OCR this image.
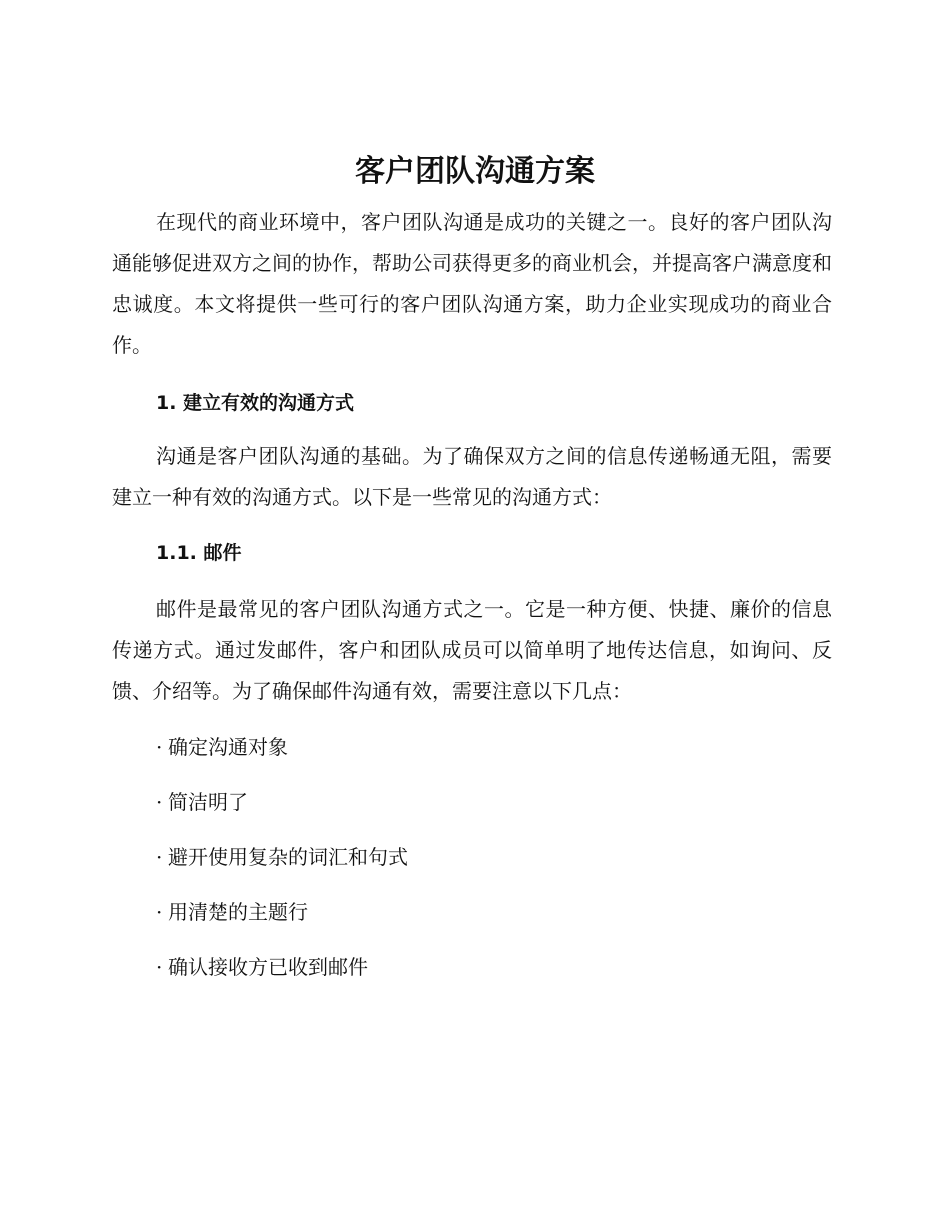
客户团队沟通方案

在现代的商业环境中，客户团队沟通是成功的关键之一。良好的客户团队沟通能够促进双方之间的协作，帮助公司获得更多的商业机会，并提高客户满意度和忠诚度。本文将提供一些可行的客户团队沟通方案，助力企业实现成功的商业合作。

1. 建立有效的沟通方式

沟通是客户团队沟通的基础。为了确保双方之间的信息传递畅通无阻，需要建立一种有效的沟通方式。以下是一些常见的沟通方式：

1.1. 邮件

邮件是最常见的客户团队沟通方式之一。它是一种方便、快捷、廉价的信息传递方式。通过发邮件，客户和团队成员可以简单明了地传达信息，如询问、反馈、介绍等。为了确保邮件沟通有效，需要注意以下几点：

· 确定沟通对象
· 简洁明了
· 避开使用复杂的词汇和句式
· 用清楚的主题行
· 确认接收方已收到邮件
